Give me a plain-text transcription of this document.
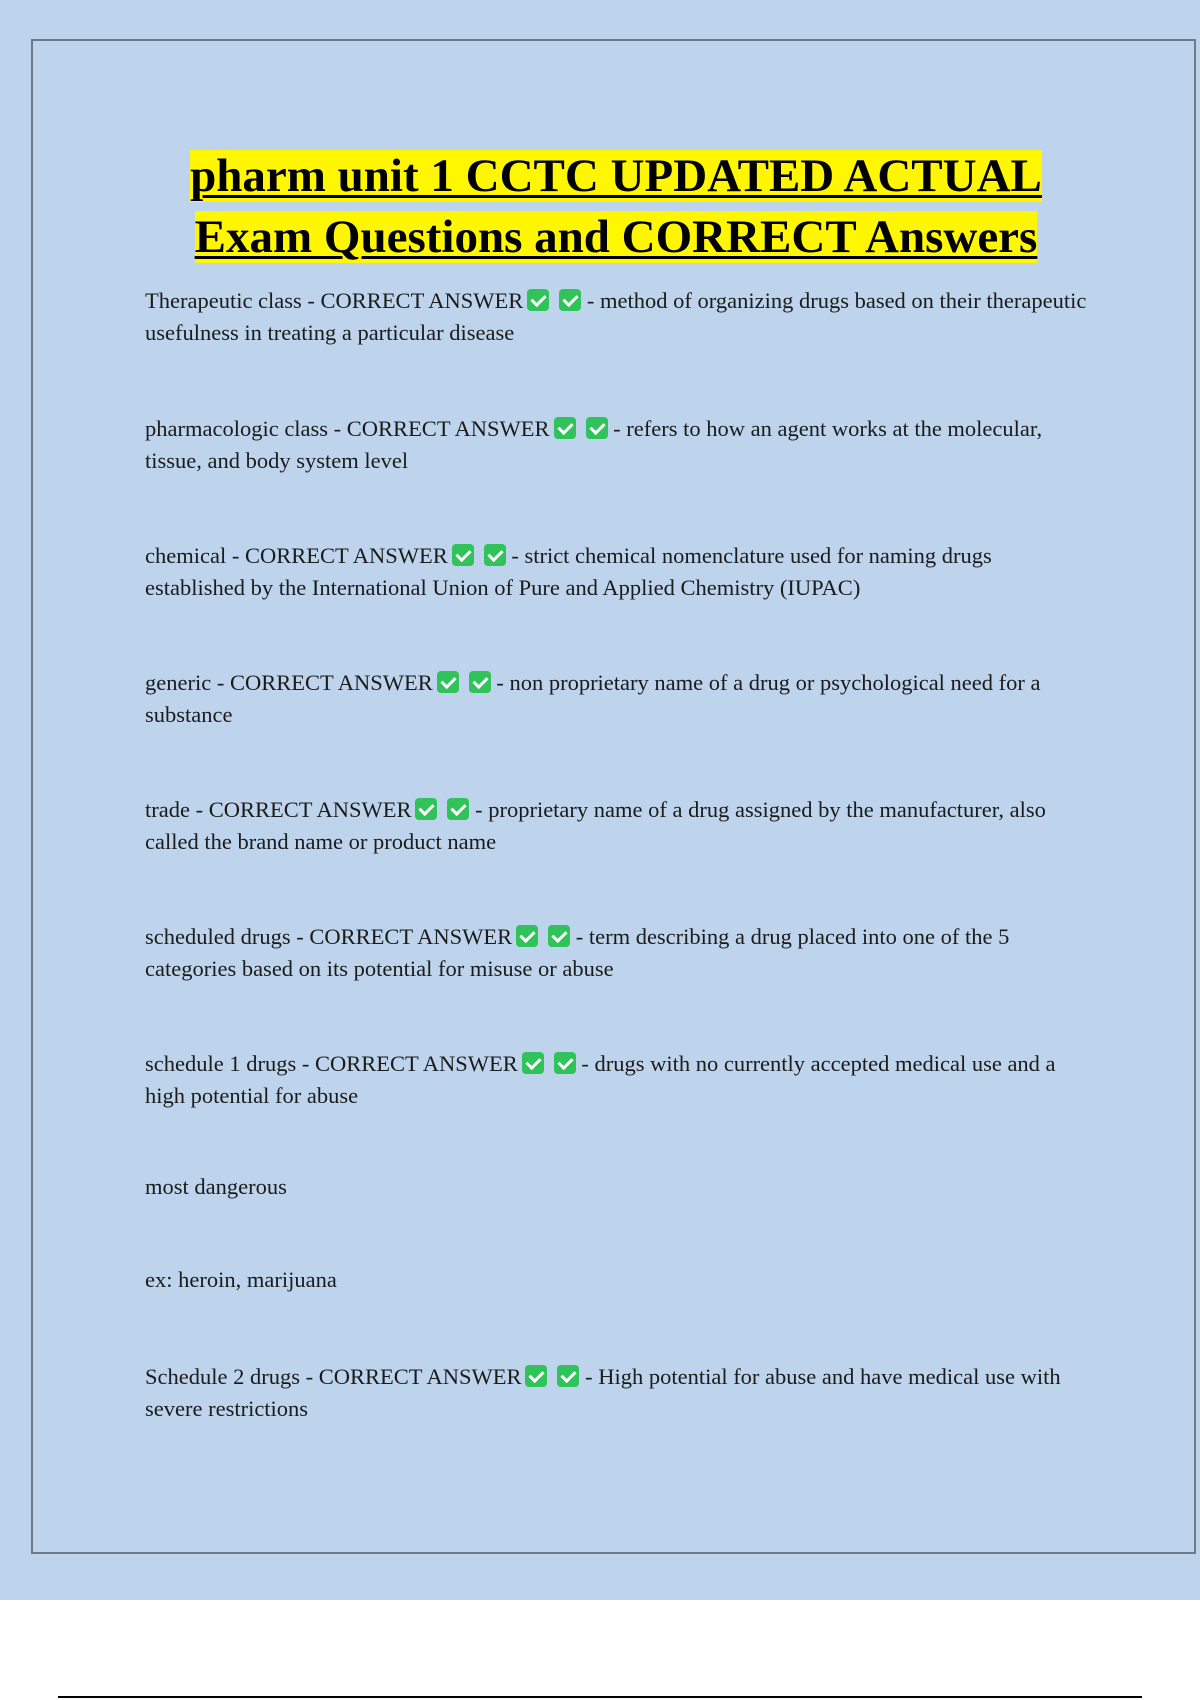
pharm unit 1 CCTC UPDATED ACTUAL
Exam Questions and CORRECT Answers
Therapeutic class - CORRECT ANSWER	- method of organizing drugs based on their therapeutic usefulness in treating a particular disease
pharmacologic class - CORRECT ANSWER	- refers to how an agent works at the molecular, tissue, and body system level
chemical - CORRECT ANSWER	- strict chemical nomenclature used for naming drugs established by the International Union of Pure and Applied Chemistry (IUPAC)
generic - CORRECT ANSWER	- non proprietary name of a drug or psychological need for a substance
trade - CORRECT ANSWER	- proprietary name of a drug assigned by the manufacturer, also called the brand name or product name
scheduled drugs - CORRECT ANSWER	- term describing a drug placed into one of the 5 categories based on its potential for misuse or abuse
schedule 1 drugs - CORRECT ANSWER	- drugs with no currently accepted medical use and a high potential for abuse
most dangerous
ex: heroin, marijuana
Schedule 2 drugs - CORRECT ANSWER	- High potential for abuse and have medical use with severe restrictions
